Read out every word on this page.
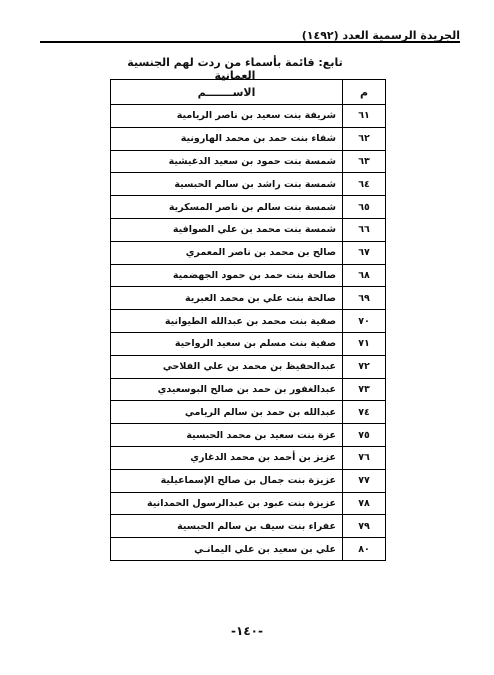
الجريدة الرسمية العدد (١٤٩٢)
تابع: قائمة بأسماء من ردت لهم الجنسية العمانية
م	الاســـــــم
٦١	شريفة بنت سعيد بن ناصر الريامية
٦٢	شفاء بنت حمد بن محمد الهارونية
٦٣	شمسة بنت حمود بن سعيد الدغيشية
٦٤	شمسة بنت راشد بن سالم الحبسية
٦٥	شمسة بنت سالم بن ناصر المسكرية
٦٦	شمسة بنت محمد بن علي الصوافية
٦٧	صالح بن محمد بن ناصر المعمري
٦٨	صالحة بنت حمد بن حمود الجهضمية
٦٩	صالحة بنت علي بن محمد العبرية
٧٠	صفية بنت محمد بن عبدالله الطيوانية
٧١	صفية بنت مسلم بن سعيد الرواحية
٧٢	عبدالحفيظ بن محمد بن علي الفلاحي
٧٣	عبدالغفور بن حمد بن صالح البوسعيدي
٧٤	عبدالله بن حمد بن سالم الريامي
٧٥	عزة بنت سعيد بن محمد الحبسية
٧٦	عزيز بن أحمد بن محمد الدغاري
٧٧	عزيزة بنت جمال بن صالح الإسماعيلية
٧٨	عزيزة بنت عبود بن عبدالرسول الحمدانية
٧٩	عفراء بنت سيف بن سالم الحبسية
٨٠	علي بن سعيد بن علي اليمانـي
-١٤٠-
